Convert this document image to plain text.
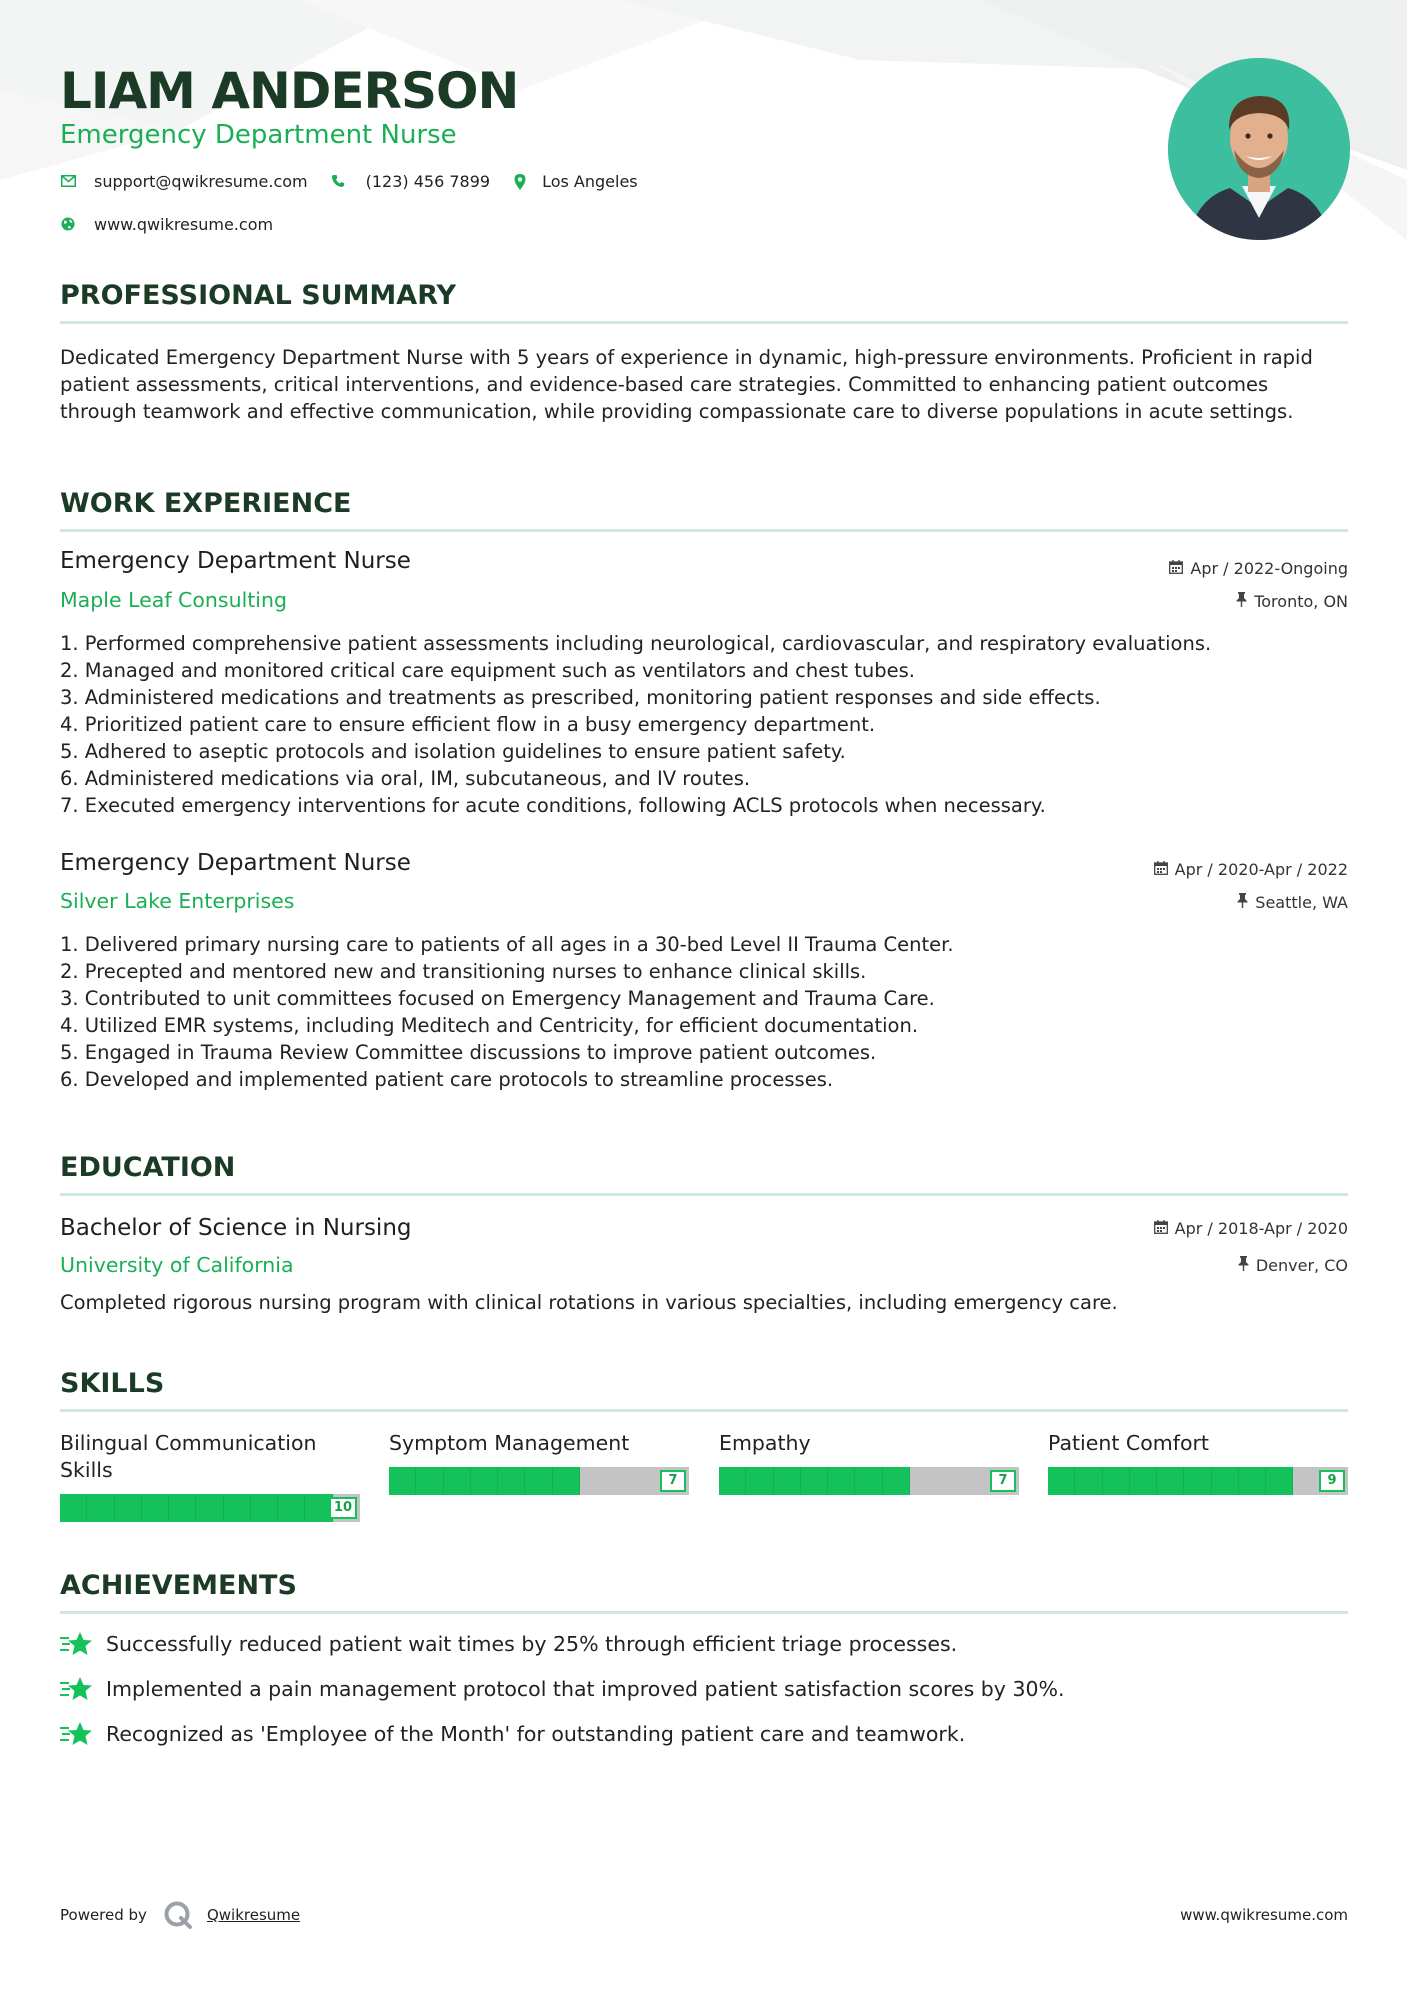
LIAM ANDERSON
Emergency Department Nurse
support@qwikresume.com	(123) 456 7899	Los Angeles
www.qwikresume.com
PROFESSIONAL SUMMARY
Dedicated Emergency Department Nurse with 5 years of experience in dynamic, high-pressure environments. Proficient in rapid patient assessments, critical interventions, and evidence-based care strategies. Committed to enhancing patient outcomes through teamwork and effective communication, while providing compassionate care to diverse populations in acute settings.
WORK EXPERIENCE
Emergency Department Nurse	Apr / 2022-Ongoing
Maple Leaf Consulting	Toronto, ON
1. Performed comprehensive patient assessments including neurological, cardiovascular, and respiratory evaluations.
2. Managed and monitored critical care equipment such as ventilators and chest tubes.
3. Administered medications and treatments as prescribed, monitoring patient responses and side effects.
4. Prioritized patient care to ensure efficient flow in a busy emergency department.
5. Adhered to aseptic protocols and isolation guidelines to ensure patient safety.
6. Administered medications via oral, IM, subcutaneous, and IV routes.
7. Executed emergency interventions for acute conditions, following ACLS protocols when necessary.
Emergency Department Nurse	Apr / 2020-Apr / 2022
Silver Lake Enterprises	Seattle, WA
1. Delivered primary nursing care to patients of all ages in a 30-bed Level II Trauma Center.
2. Precepted and mentored new and transitioning nurses to enhance clinical skills.
3. Contributed to unit committees focused on Emergency Management and Trauma Care.
4. Utilized EMR systems, including Meditech and Centricity, for efficient documentation.
5. Engaged in Trauma Review Committee discussions to improve patient outcomes.
6. Developed and implemented patient care protocols to streamline processes.
EDUCATION
Bachelor of Science in Nursing	Apr / 2018-Apr / 2020
University of California	Denver, CO
Completed rigorous nursing program with clinical rotations in various specialties, including emergency care.
SKILLS
Bilingual Communication Skills
10
Symptom Management
7
Empathy
7
Patient Comfort
9
ACHIEVEMENTS
Successfully reduced patient wait times by 25% through efficient triage processes.
Implemented a pain management protocol that improved patient satisfaction scores by 30%.
Recognized as 'Employee of the Month' for outstanding patient care and teamwork.
Powered by	Qwikresume	www.qwikresume.com
